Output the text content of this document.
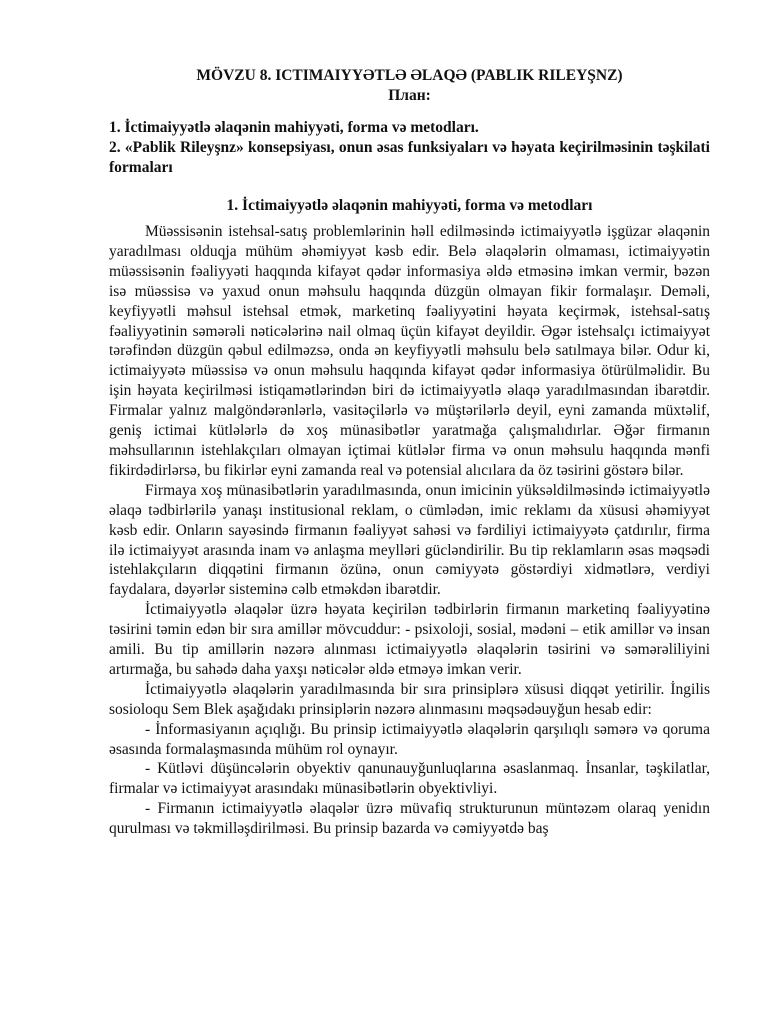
MÖVZU 8. ICTIMAIYYƏTLƏ ƏLAQƏ (PABLIK RILEYŞNZ)

План:

1. İctimaiyyətlə əlaqənin mahiyyəti, forma və metodları.
2. «Pablik Rileyşnz» konsepsiyası, onun əsas funksiyaları və həyata keçirilməsinin təşkilati formaları

1. İctimaiyyətlə əlaqənin mahiyyəti, forma və metodları

Müəssisənin istehsal-satış problemlərinin həll edilməsində ictimaiyyətlə işgüzar əlaqənin yaradılması olduqja mühüm əhəmiyyət kəsb edir. Belə əlaqələrin olmaması, ictimaiyyətin müəssisənin fəaliyyəti haqqında kifayət qədər informasiya əldə etməsinə imkan vermir, bəzən isə müəssisə və yaxud onun məhsulu haqqında düzgün olmayan fikir formalaşır. Deməli, keyfiyyətli məhsul istehsal etmək, marketinq fəaliyyətini həyata keçirmək, istehsal-satış fəaliyyətinin səmərəli nəticələrinə nail olmaq üçün kifayət deyildir. Əgər istehsalçı ictimaiyyət tərəfindən düzgün qəbul edilməzsə, onda ən keyfiyyətli məhsulu belə satılmaya bilər. Odur ki, ictimaiyyətə müəssisə və onun məhsulu haqqında kifayət qədər informasiya ötürülməlidir. Bu işin həyata keçirilməsi istiqamətlərindən biri də ictimaiyyətlə əlaqə yaradılmasından ibarətdir. Firmalar yalnız malgöndərənlərlə, vasitəçilərlə və müştərilərlə deyil, eyni zamanda müxtəlif, geniş ictimai kütlələrlə də xoş münasibətlər yaratmağa çalışmalıdırlar. Əğər firmanın məhsullarının istehlakçıları olmayan içtimai kütlələr firma və onun məhsulu haqqında mənfi fikirdədirlərsə, bu fikirlər eyni zamanda real və potensial alıcılara da öz təsirini göstərə bilər.

Firmaya xoş münasibətlərin yaradılmasında, onun imicinin yüksəldilməsində ictimaiyyətlə əlaqə tədbirlərilə yanaşı institusional reklam, o cümlədən, imic reklamı da xüsusi əhəmiyyət kəsb edir. Onların sayəsində firmanın fəaliyyət sahəsi və fərdiliyi ictimaiyyətə çatdırılır, firma ilə ictimaiyyət arasında inam və anlaşma meylləri gücləndirilir. Bu tip reklamların əsas məqsədi istehlakçıların diqqətini firmanın özünə, onun cəmiyyətə göstərdiyi xidmətlərə, verdiyi faydalara, dəyərlər sisteminə cəlb etməkdən ibarətdir.

İctimaiyyətlə əlaqələr üzrə həyata keçirilən tədbirlərin firmanın marketinq fəaliyyətinə təsirini təmin edən bir sıra amillər mövcuddur: - psixoloji, sosial, mədəni – etik amillər və insan amili. Bu tip amillərin nəzərə alınması ictimaiyyətlə əlaqələrin təsirini və səmərəliliyini artırmağa, bu sahədə daha yaxşı nəticələr əldə etməyə imkan verir.

İctimaiyyətlə əlaqələrin yaradılmasında bir sıra prinsiplərə xüsusi diqqət yetirilir. İngilis sosioloqu Sem Blek aşağıdakı prinsiplərin nəzərə alınmasını məqsədəuyğun hesab edir:

- İnformasiyanın açıqlığı. Bu prinsip ictimaiyyətlə əlaqələrin qarşılıqlı səmərə və qoruma əsasında formalaşmasında mühüm rol oynayır.

- Kütləvi düşüncələrin obyektiv qanunauyğunluqlarına əsaslanmaq. İnsanlar, təşkilatlar, firmalar və ictimaiyyət arasındakı münasibətlərin obyektivliyi.

- Firmanın ictimaiyyətlə əlaqələr üzrə müvafiq strukturunun müntəzəm olaraq yenidın qurulması və təkmilləşdirilməsi. Bu prinsip bazarda və cəmiyyətdə baş
